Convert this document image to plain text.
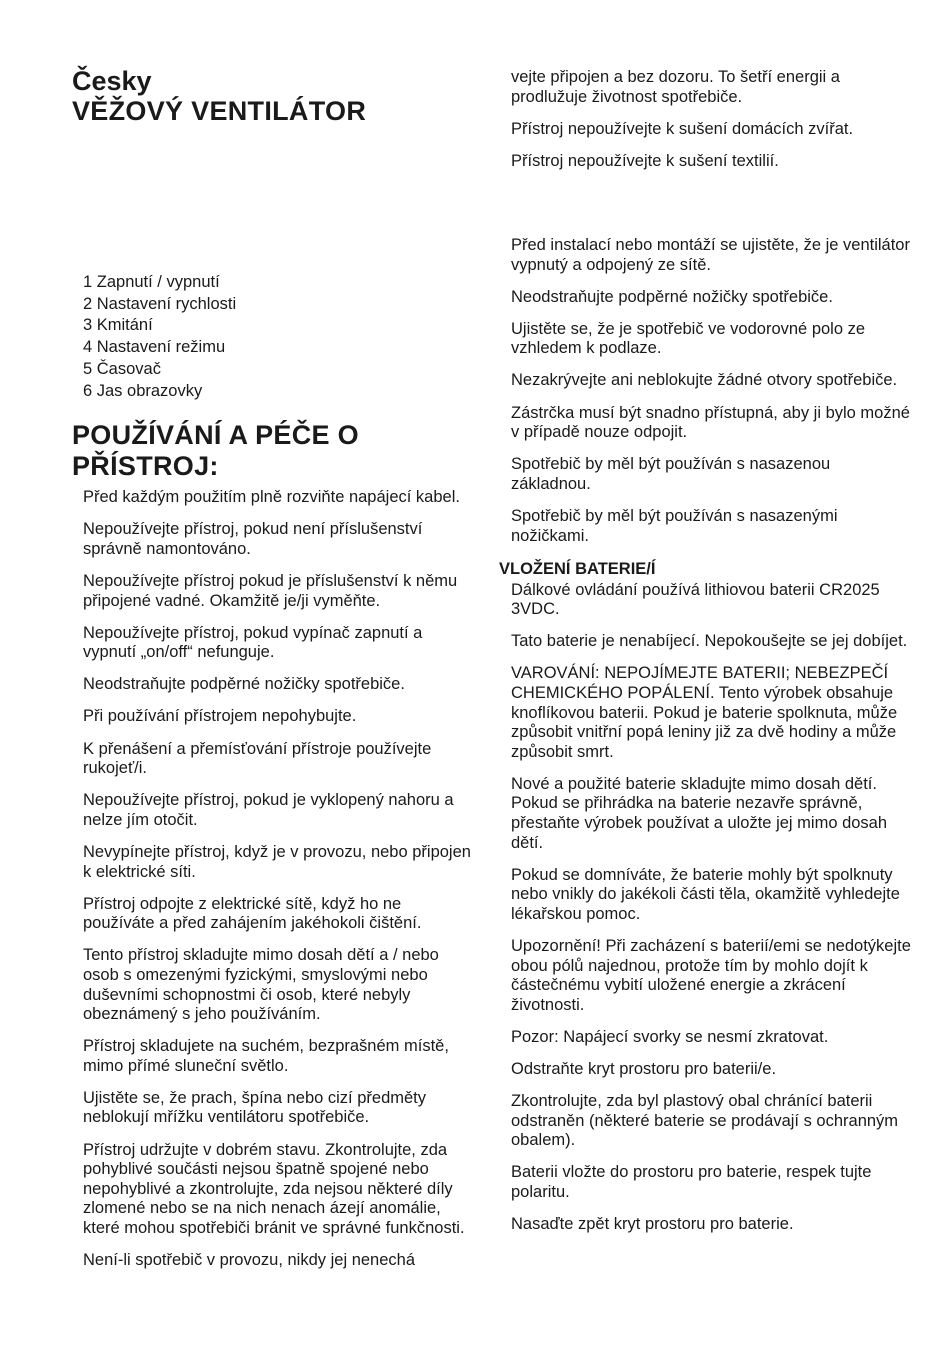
Česky
VĚŽOVÝ VENTILÁTOR
1 Zapnutí / vypnutí
2 Nastavení rychlosti
3 Kmitání
4 Nastavení režimu
5 Časovač
6 Jas obrazovky
POUŽÍVÁNÍ A PÉČE O
PŘÍSTROJ:

Před každým použitím plně rozviňte napájecí kabel.

Nepoužívejte přístroj, pokud není příslušenství správně namontováno.

Nepoužívejte přístroj pokud je příslušenství k němu připojené vadné. Okamžitě je/ji vyměňte.

Nepoužívejte přístroj, pokud vypínač zapnutí a vypnutí „on/off“ nefunguje.

Neodstraňujte podpěrné nožičky spotřebiče.

Při používání přístrojem nepohybujte.

K přenášení a přemísťování přístroje používejte rukojeť/i.

Nepoužívejte přístroj, pokud je vyklopený nahoru a nelze jím otočit.

Nevypínejte přístroj, když je v provozu, nebo připojen k elektrické síti.

Přístroj odpojte z elektrické sítě, když ho ne používáte a před zahájením jakéhokoli čištění.

Tento přístroj skladujte mimo dosah dětí a / nebo osob s omezenými fyzickými, smyslovými nebo duševními schopnostmi či osob, které nebyly obeznámený s jeho používáním.

Přístroj skladujete na suchém, bezprašném místě, mimo přímé sluneční světlo.

Ujistěte se, že prach, špína nebo cizí předměty neblokují mřížku ventilátoru spotřebiče.

Přístroj udržujte v dobrém stavu. Zkontrolujte, zda pohyblivé součásti nejsou špatně spojené nebo nepohyblivé a zkontrolujte, zda nejsou některé díly zlomené nebo se na nich nenach ázejí anomálie, které mohou spotřebiči bránit ve správné funkčnosti.

Není-li spotřebič v provozu, nikdy jej nenechá

vejte připojen a bez dozoru. To šetří energii a prodlužuje životnost spotřebiče.

Přístroj nepoužívejte k sušení domácích zvířat.

Přístroj nepoužívejte k sušení textilií.

Před instalací nebo montáží se ujistěte, že je ventilátor vypnutý a odpojený ze sítě.

Neodstraňujte podpěrné nožičky spotřebiče.

Ujistěte se, že je spotřebič ve vodorovné polo ze vzhledem k podlaze.

Nezakrývejte ani neblokujte žádné otvory spotřebiče.

Zástrčka musí být snadno přístupná, aby ji bylo možné v případě nouze odpojit.

Spotřebič by měl být používán s nasazenou základnou.

Spotřebič by měl být používán s nasazenými nožičkami.

VLOŽENÍ BATERIE/Í

Dálkové ovládání používá lithiovou baterii CR2025 3VDC.

Tato baterie je nenabíjecí. Nepokoušejte se jej dobíjet.

VAROVÁNÍ: NEPOJÍMEJTE BATERII; NEBEZPEČÍ CHEMICKÉHO POPÁLENÍ. Tento výrobek obsahuje knoflíkovou baterii. Pokud je baterie spolknuta, může způsobit vnitřní popá leniny již za dvě hodiny a může způsobit smrt.

Nové a použité baterie skladujte mimo dosah dětí. Pokud se přihrádka na baterie nezavře správně, přestaňte výrobek používat a uložte jej mimo dosah dětí.

Pokud se domníváte, že baterie mohly být spolknuty nebo vnikly do jakékoli části těla, okamžitě vyhledejte lékařskou pomoc.

Upozornění! Při zacházení s baterií/emi se nedotýkejte obou pólů najednou, protože tím by mohlo dojít k částečnému vybití uložené energie a zkrácení životnosti.

Pozor: Napájecí svorky se nesmí zkratovat.

Odstraňte kryt prostoru pro baterii/e.

Zkontrolujte, zda byl plastový obal chránící baterii odstraněn (některé baterie se prodávají s ochranným obalem).

Baterii vložte do prostoru pro baterie, respek tujte polaritu.

Nasaďte zpět kryt prostoru pro baterie.
